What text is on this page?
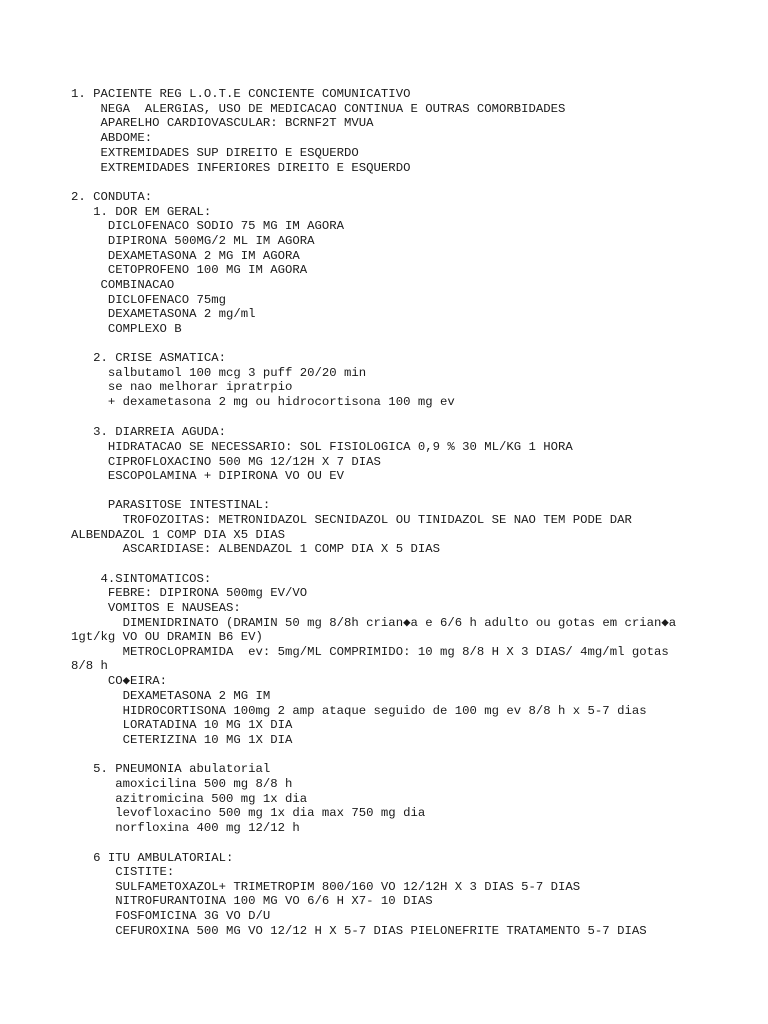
1. PACIENTE REG L.O.T.E CONCIENTE COMUNICATIVO

NEGA  ALERGIAS, USO DE MEDICACAO CONTINUA E OUTRAS COMORBIDADES

APARELHO CARDIOVASCULAR: BCRNF2T MVUA

ABDOME:

EXTREMIDADES SUP DIREITO E ESQUERDO

EXTREMIDADES INFERIORES DIREITO E ESQUERDO

2. CONDUTA:

1. DOR EM GERAL:

DICLOFENACO SODIO 75 MG IM AGORA

DIPIRONA 500MG/2 ML IM AGORA

DEXAMETASONA 2 MG IM AGORA

CETOPROFENO 100 MG IM AGORA

COMBINACAO

DICLOFENACO 75mg

DEXAMETASONA 2 mg/ml

COMPLEXO B

2. CRISE ASMATICA:

salbutamol 100 mcg 3 puff 20/20 min

se nao melhorar ipratrpio

+ dexametasona 2 mg ou hidrocortisona 100 mg ev

3. DIARREIA AGUDA:

HIDRATACAO SE NECESSARIO: SOL FISIOLOGICA 0,9 % 30 ML/KG 1 HORA

CIPROFLOXACINO 500 MG 12/12H X 7 DIAS

ESCOPOLAMINA + DIPIRONA VO OU EV

PARASITOSE INTESTINAL:

TROFOZOITAS: METRONIDAZOL SECNIDAZOL OU TINIDAZOL SE NAO TEM PODE DAR

ALBENDAZOL 1 COMP DIA X5 DIAS

ASCARIDIASE: ALBENDAZOL 1 COMP DIA X 5 DIAS

4.SINTOMATICOS:

FEBRE: DIPIRONA 500mg EV/VO

VOMITOS E NAUSEAS:

DIMENIDRINATO (DRAMIN 50 mg 8/8h crian◆a e 6/6 h adulto ou gotas em crian◆a

1gt/kg VO OU DRAMIN B6 EV)

METROCLOPRAMIDA  ev: 5mg/ML COMPRIMIDO: 10 mg 8/8 H X 3 DIAS/ 4mg/ml gotas

8/8 h

CO◆EIRA:

DEXAMETASONA 2 MG IM

HIDROCORTISONA 100mg 2 amp ataque seguido de 100 mg ev 8/8 h x 5-7 dias

LORATADINA 10 MG 1X DIA

CETERIZINA 10 MG 1X DIA

5. PNEUMONIA abulatorial

amoxicilina 500 mg 8/8 h

azitromicina 500 mg 1x dia

levofloxacino 500 mg 1x dia max 750 mg dia

norfloxina 400 mg 12/12 h

6 ITU AMBULATORIAL:

CISTITE:

SULFAMETOXAZOL+ TRIMETROPIM 800/160 VO 12/12H X 3 DIAS 5-7 DIAS

NITROFURANTOINA 100 MG VO 6/6 H X7- 10 DIAS

FOSFOMICINA 3G VO D/U

CEFUROXINA 500 MG VO 12/12 H X 5-7 DIAS PIELONEFRITE TRATAMENTO 5-7 DIAS
